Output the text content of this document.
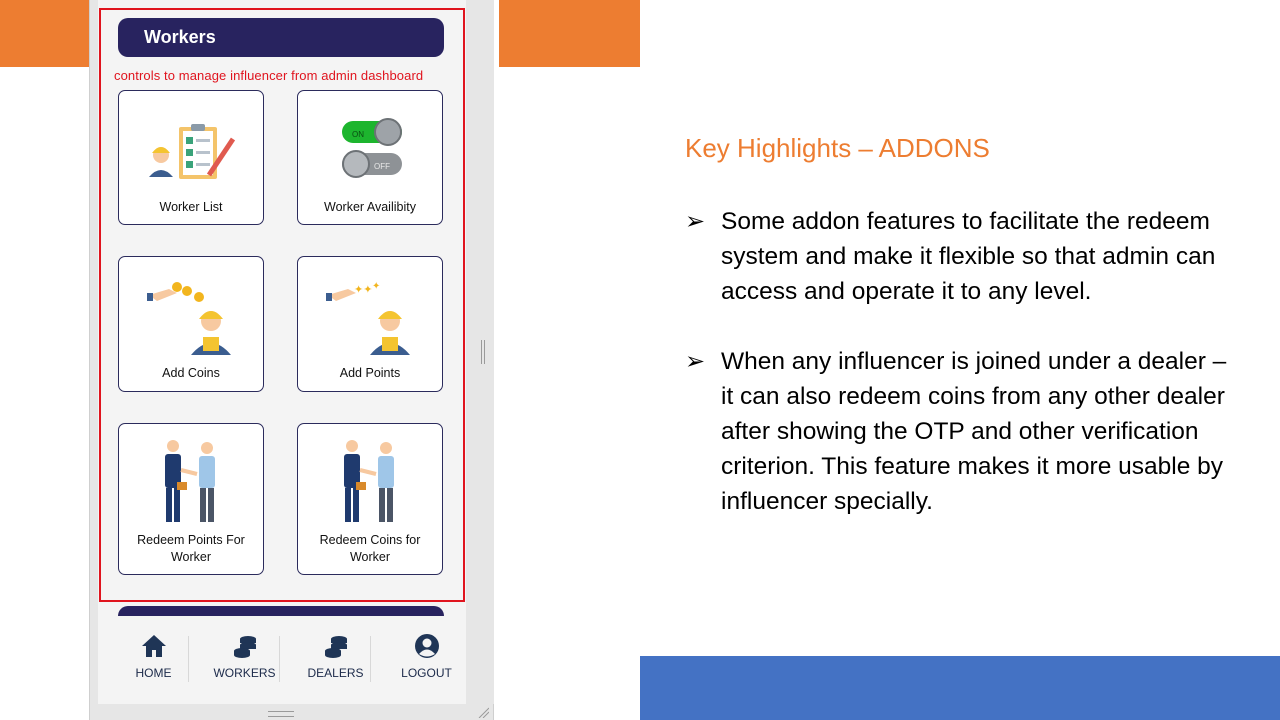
Workers
Worker List
ON
OFF
Worker Availibity
Add Coins
✦✦ ✦
Add Points
Redeem Points For Worker
Redeem Coins for Worker
controls to manage influencer from admin dashboard
HOME	WORKERS	DEALERS	LOGOUT
Key Highlights – ADDONS
➢ Some addon features to facilitate the redeem system and make it flexible so that admin can access and operate it to any level.
➢ When any influencer is joined under a dealer – it can also redeem coins from any other dealer after showing the OTP and other verification criterion. This feature makes it more usable by influencer specially.
